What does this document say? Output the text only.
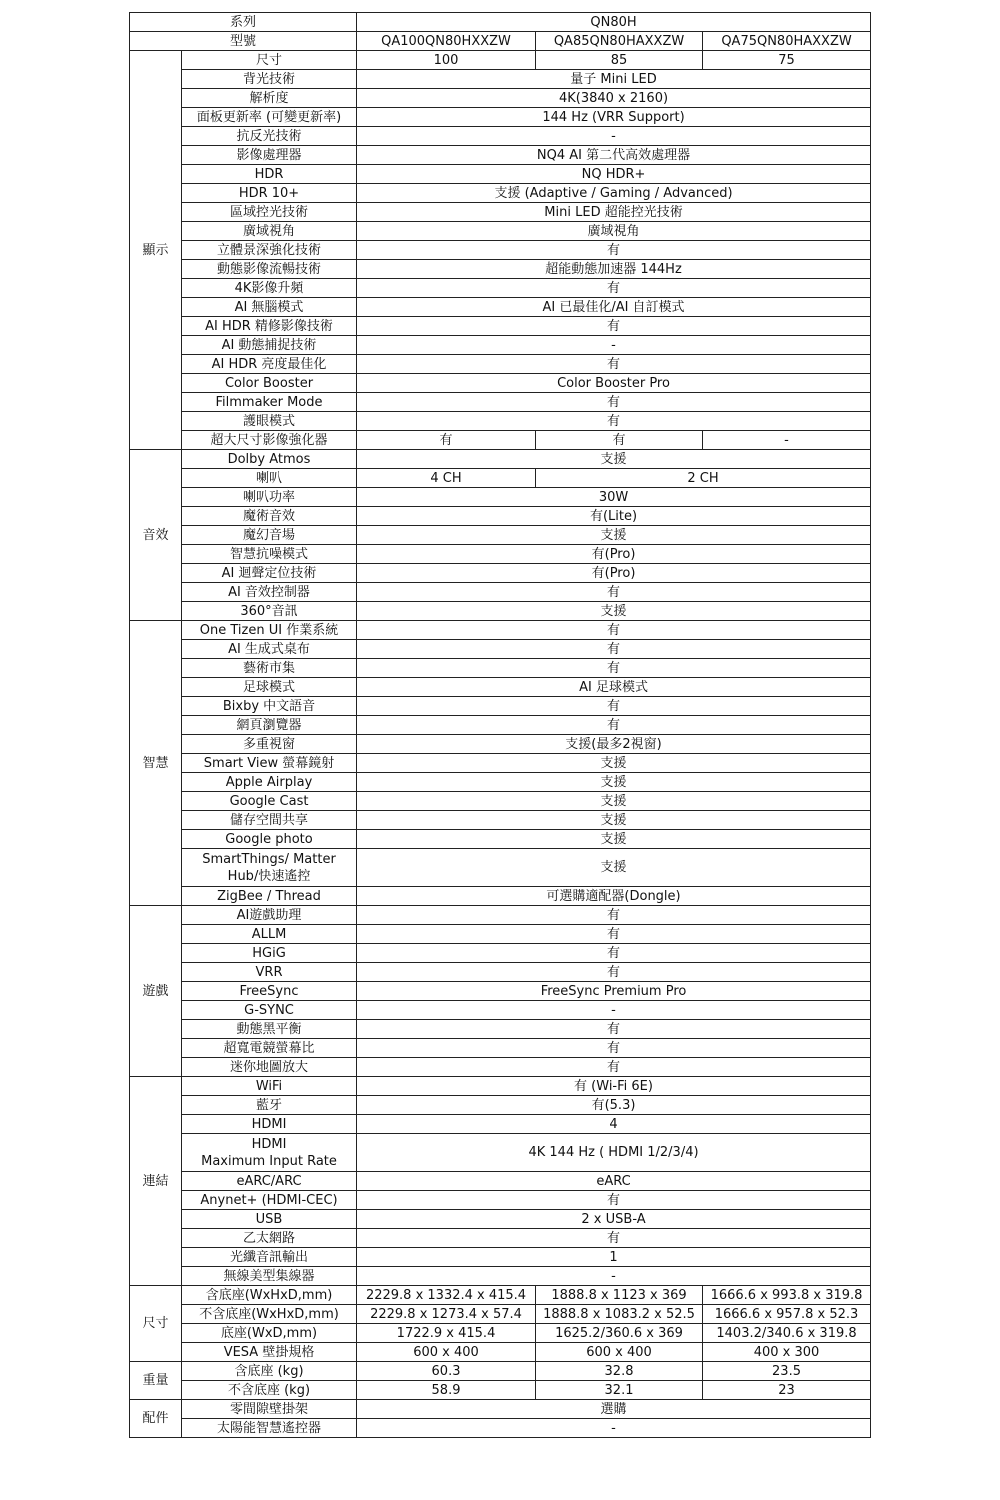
系列		QN80H		
型號		QA100QN80HXXZW	QA85QN80HAXXZW	QA75QN80HAXXZW
顯示	尺寸	100	85	75
	背光技術	量子 Mini LED		
	解析度	4K(3840 x 2160)		
	面板更新率 (可變更新率)	144 Hz (VRR Support)		
	抗反光技術	-		
	影像處理器	NQ4 AI 第二代高效處理器		
	HDR	NQ HDR+		
	HDR 10+	支援 (Adaptive / Gaming / Advanced)		
	區域控光技術	Mini LED 超能控光技術		
	廣域視角	廣域視角		
	立體景深強化技術	有		
	動態影像流暢技術	超能動態加速器 144Hz		
	4K影像升頻	有		
	AI 無腦模式	AI 已最佳化/AI 自訂模式		
	AI HDR 精修影像技術	有		
	AI 動態捕捉技術	-		
	AI HDR 亮度最佳化	有		
	Color Booster	Color Booster Pro		
	Filmmaker Mode	有		
	護眼模式	有		
	超大尺寸影像強化器	有	有	-
音效	Dolby Atmos	支援		
	喇叭	4 CH	2 CH	
	喇叭功率	30W		
	魔術音效	有(Lite)		
	魔幻音場	支援		
	智慧抗噪模式	有(Pro)		
	AI 迴聲定位技術	有(Pro)		
	AI 音效控制器	有		
	360°音訊	支援		
智慧	One Tizen UI 作業系統	有		
	AI 生成式桌布	有		
	藝術市集	有		
	足球模式	AI 足球模式		
	Bixby 中文語音	有		
	網頁瀏覽器	有		
	多重視窗	支援(最多2視窗)		
	Smart View 螢幕鏡射	支援		
	Apple Airplay	支援		
	Google Cast	支援		
	儲存空間共享	支援		
	Google photo	支援		
	SmartThings/ Matter
Hub/快速遙控	支援		
	ZigBee / Thread	可選購適配器(Dongle)		
遊戲	AI遊戲助理	有		
	ALLM	有		
	HGiG	有		
	VRR	有		
	FreeSync	FreeSync Premium Pro		
	G-SYNC	-		
	動態黑平衡	有		
	超寬電競螢幕比	有		
	迷你地圖放大	有		
連結	WiFi	有 (Wi-Fi 6E)		
	藍牙	有(5.3)		
	HDMI	4		
	HDMI
Maximum Input Rate	4K 144 Hz ( HDMI 1/2/3/4)		
	eARC/ARC	eARC		
	Anynet+ (HDMI-CEC)	有		
	USB	2 x USB-A		
	乙太網路	有		
	光纖音訊輸出	1		
	無線美型集線器	-		
尺寸	含底座(WxHxD,mm)	2229.8 x 1332.4 x 415.4	1888.8 x 1123 x 369	1666.6 x 993.8 x 319.8
	不含底座(WxHxD,mm)	2229.8 x 1273.4 x 57.4	1888.8 x 1083.2 x 52.5	1666.6 x 957.8 x 52.3
	底座(WxD,mm)	1722.9 x 415.4	1625.2/360.6 x 369	1403.2/340.6 x 319.8
	VESA 壁掛規格	600 x 400	600 x 400	400 x 300
重量	含底座 (kg)	60.3	32.8	23.5
	不含底座 (kg)	58.9	32.1	23
配件	零間隙壁掛架	選購		
	太陽能智慧遙控器	-		
